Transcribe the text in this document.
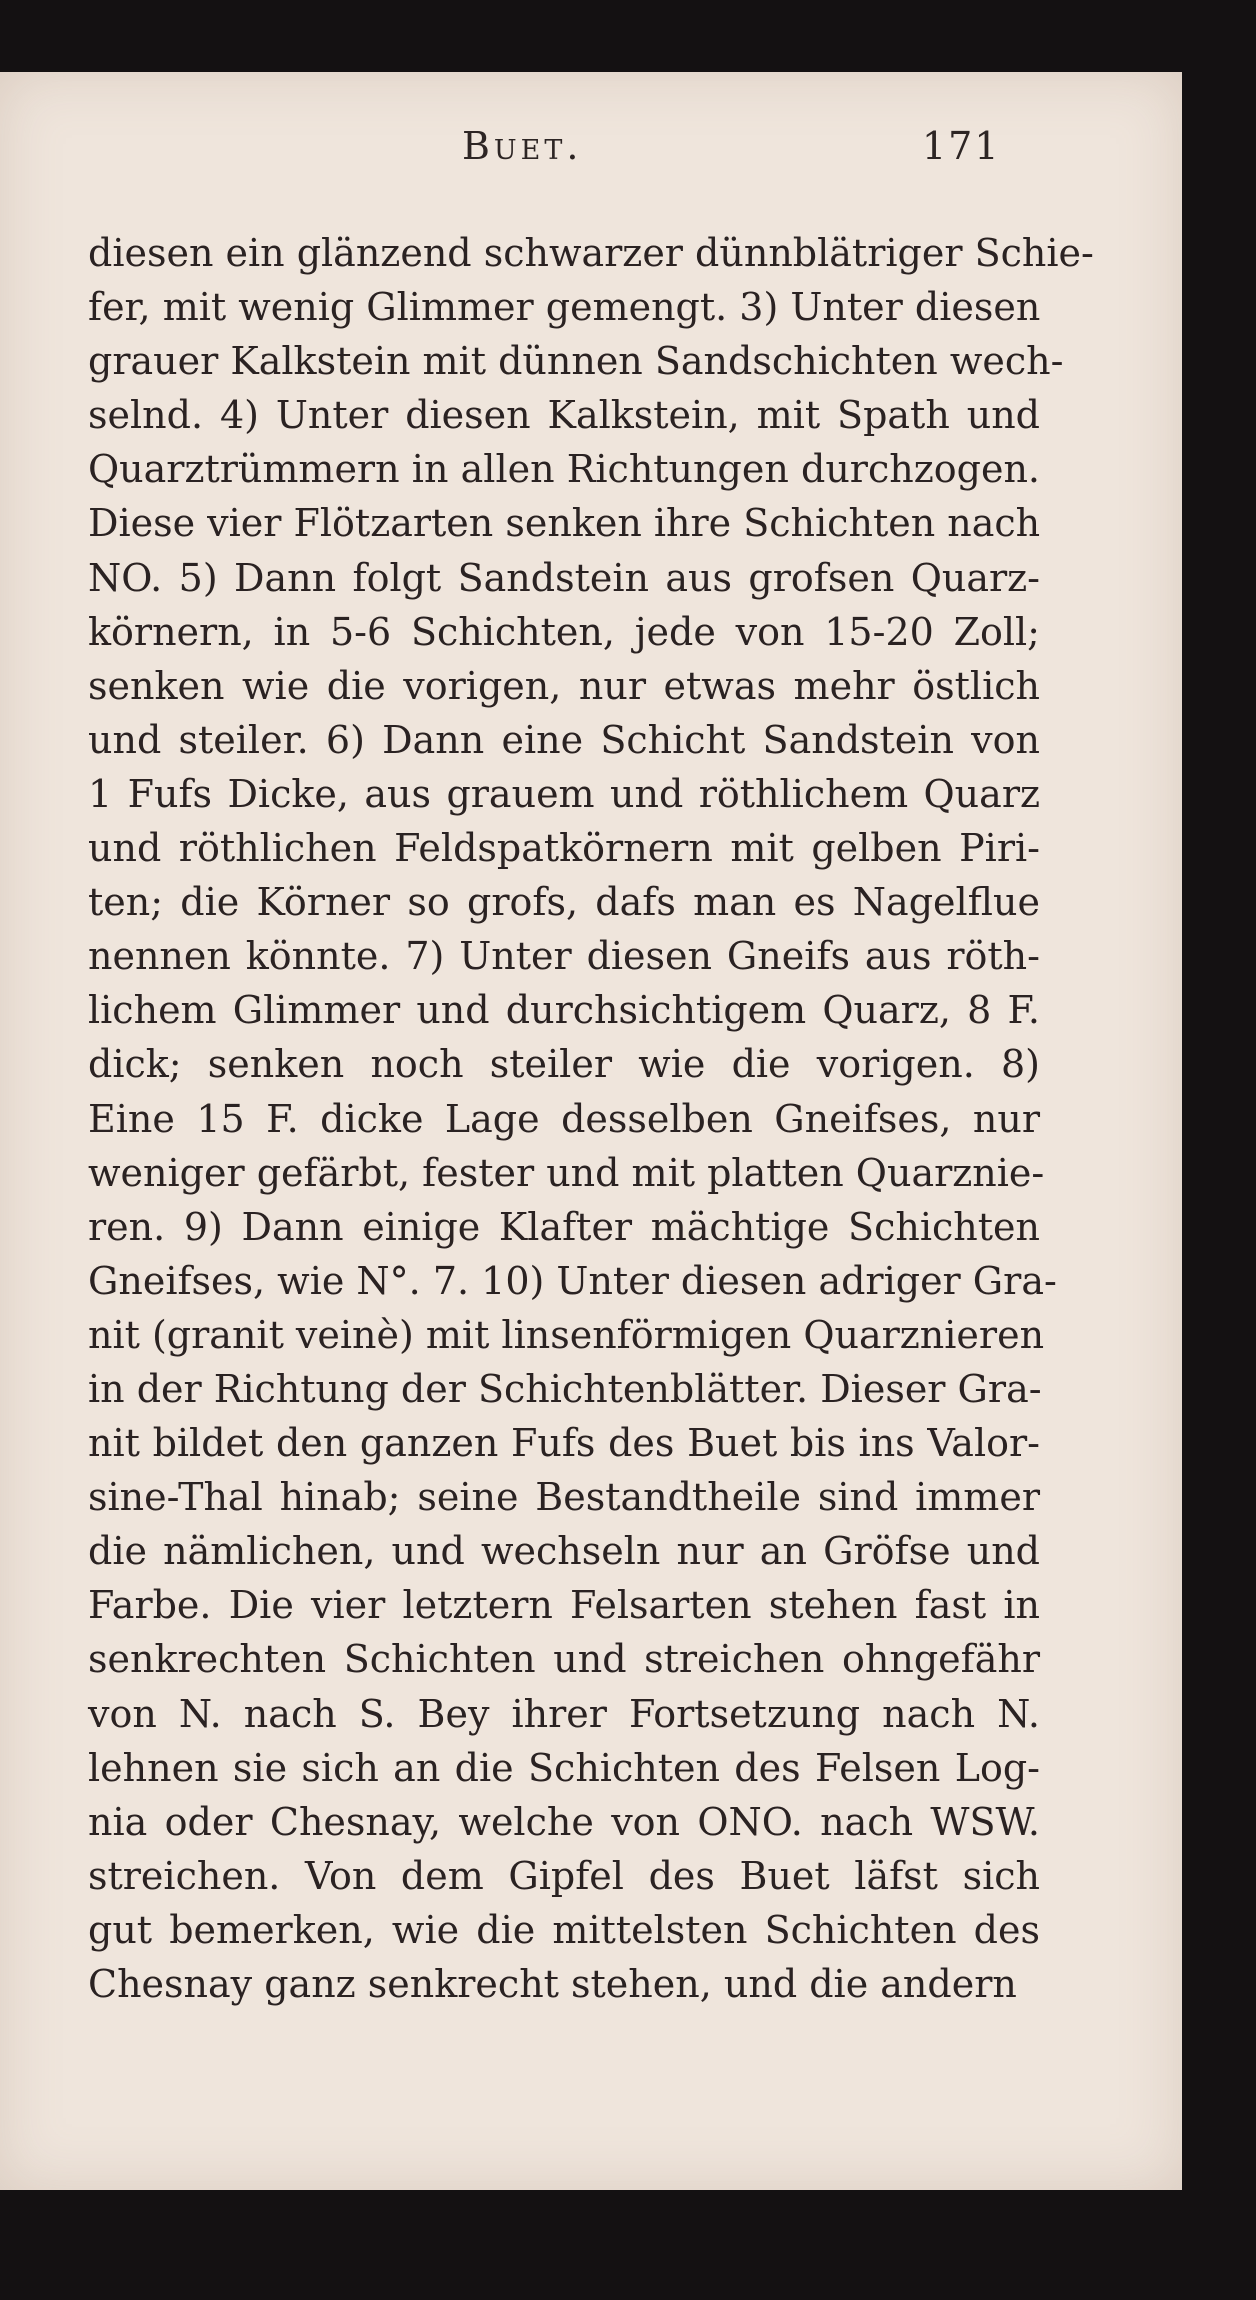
Buet.	171
diesen ein glänzend schwarzer dünnblätriger Schie-
fer, mit wenig Glimmer gemengt. 3) Unter diesen
grauer Kalkstein mit dünnen Sandschichten wech-
selnd. 4) Unter diesen Kalkstein, mit Spath und
Quarztrümmern in allen Richtungen durchzogen.
Diese vier Flötzarten senken ihre Schichten nach
NO. 5) Dann folgt Sandstein aus grofsen Quarz-
körnern, in 5-6 Schichten, jede von 15-20 Zoll;
senken wie die vorigen, nur etwas mehr östlich
und steiler. 6) Dann eine Schicht Sandstein von
1 Fufs Dicke, aus grauem und röthlichem Quarz
und röthlichen Feldspatkörnern mit gelben Piri-
ten; die Körner so grofs, dafs man es Nagelflue
nennen könnte. 7) Unter diesen Gneifs aus röth-
lichem Glimmer und durchsichtigem Quarz, 8 F.
dick; senken noch steiler wie die vorigen. 8)
Eine 15 F. dicke Lage desselben Gneifses, nur
weniger gefärbt, fester und mit platten Quarznie-
ren. 9) Dann einige Klafter mächtige Schichten
Gneifses, wie N°. 7. 10) Unter diesen adriger Gra-
nit (granit veinè) mit linsenförmigen Quarznieren
in der Richtung der Schichtenblätter. Dieser Gra-
nit bildet den ganzen Fufs des Buet bis ins Valor-
sine-Thal hinab; seine Bestandtheile sind immer
die nämlichen, und wechseln nur an Gröfse und
Farbe. Die vier letztern Felsarten stehen fast in
senkrechten Schichten und streichen ohngefähr
von N. nach S. Bey ihrer Fortsetzung nach N.
lehnen sie sich an die Schichten des Felsen Log-
nia oder Chesnay, welche von ONO. nach WSW.
streichen. Von dem Gipfel des Buet läfst sich
gut bemerken, wie die mittelsten Schichten des
Chesnay ganz senkrecht stehen, und die andern
